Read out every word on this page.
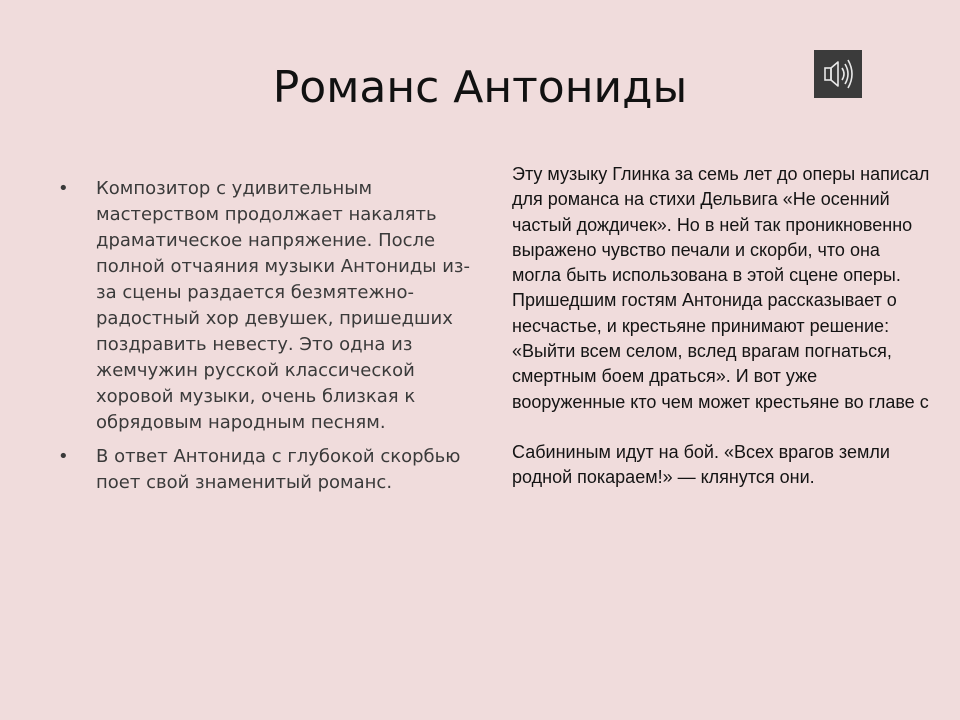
Романс Антониды
• Композитор с удивительным мастерством продолжает накалять драматическое напряжение. После полной отчаяния музыки Антониды из-за сцены раздается безмятежно-радостный хор девушек, пришедших поздравить невесту. Это одна из жемчужин русской классической хоровой музыки, очень близкая к обрядовым народным песням.
• В ответ Антонида с глубокой скорбью поет свой знаменитый романс.

Эту музыку Глинка за семь лет до оперы написал для романса на стихи Дельвига «Не осенний частый дождичек». Но в ней так проникновенно выражено чувство печали и скорби, что она могла быть использована в этой сцене оперы. Пришедшим гостям Антонида рассказывает о несчастье, и крестьяне принимают решение: «Выйти всем селом, вслед врагам погнаться, смертным боем драться». И вот уже вооруженные кто чем может крестьяне во главе с

Сабининым идут на бой. «Всех врагов земли родной покараем!» — клянутся они.
